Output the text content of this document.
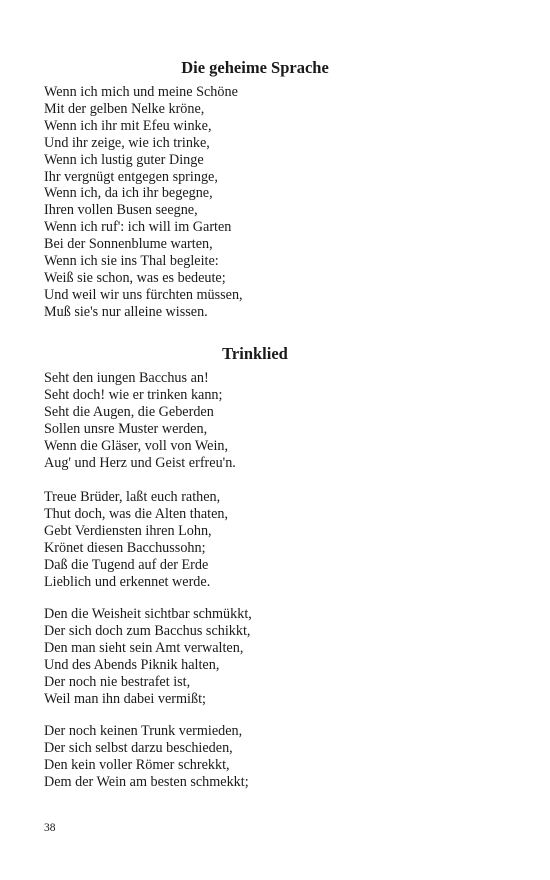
Die geheime Sprache
Wenn ich mich und meine Schöne
Mit der gelben Nelke kröne,
Wenn ich ihr mit Efeu winke,
Und ihr zeige, wie ich trinke,
Wenn ich lustig guter Dinge
Ihr vergnügt entgegen springe,
Wenn ich, da ich ihr begegne,
Ihren vollen Busen seegne,
Wenn ich ruf': ich will im Garten
Bei der Sonnenblume warten,
Wenn ich sie ins Thal begleite:
Weiß sie schon, was es bedeute;
Und weil wir uns fürchten müssen,
Muß sie's nur alleine wissen.
Trinklied
Seht den iungen Bacchus an!
Seht doch! wie er trinken kann;
Seht die Augen, die Geberden
Sollen unsre Muster werden,
Wenn die Gläser, voll von Wein,
Aug' und Herz und Geist erfreu'n.
Treue Brüder, laßt euch rathen,
Thut doch, was die Alten thaten,
Gebt Verdiensten ihren Lohn,
Krönet diesen Bacchussohn;
Daß die Tugend auf der Erde
Lieblich und erkennet werde.
Den die Weisheit sichtbar schmükkt,
Der sich doch zum Bacchus schikkt,
Den man sieht sein Amt verwalten,
Und des Abends Piknik halten,
Der noch nie bestrafet ist,
Weil man ihn dabei vermißt;
Der noch keinen Trunk vermieden,
Der sich selbst darzu beschieden,
Den kein voller Römer schrekkt,
Dem der Wein am besten schmekkt;
38
